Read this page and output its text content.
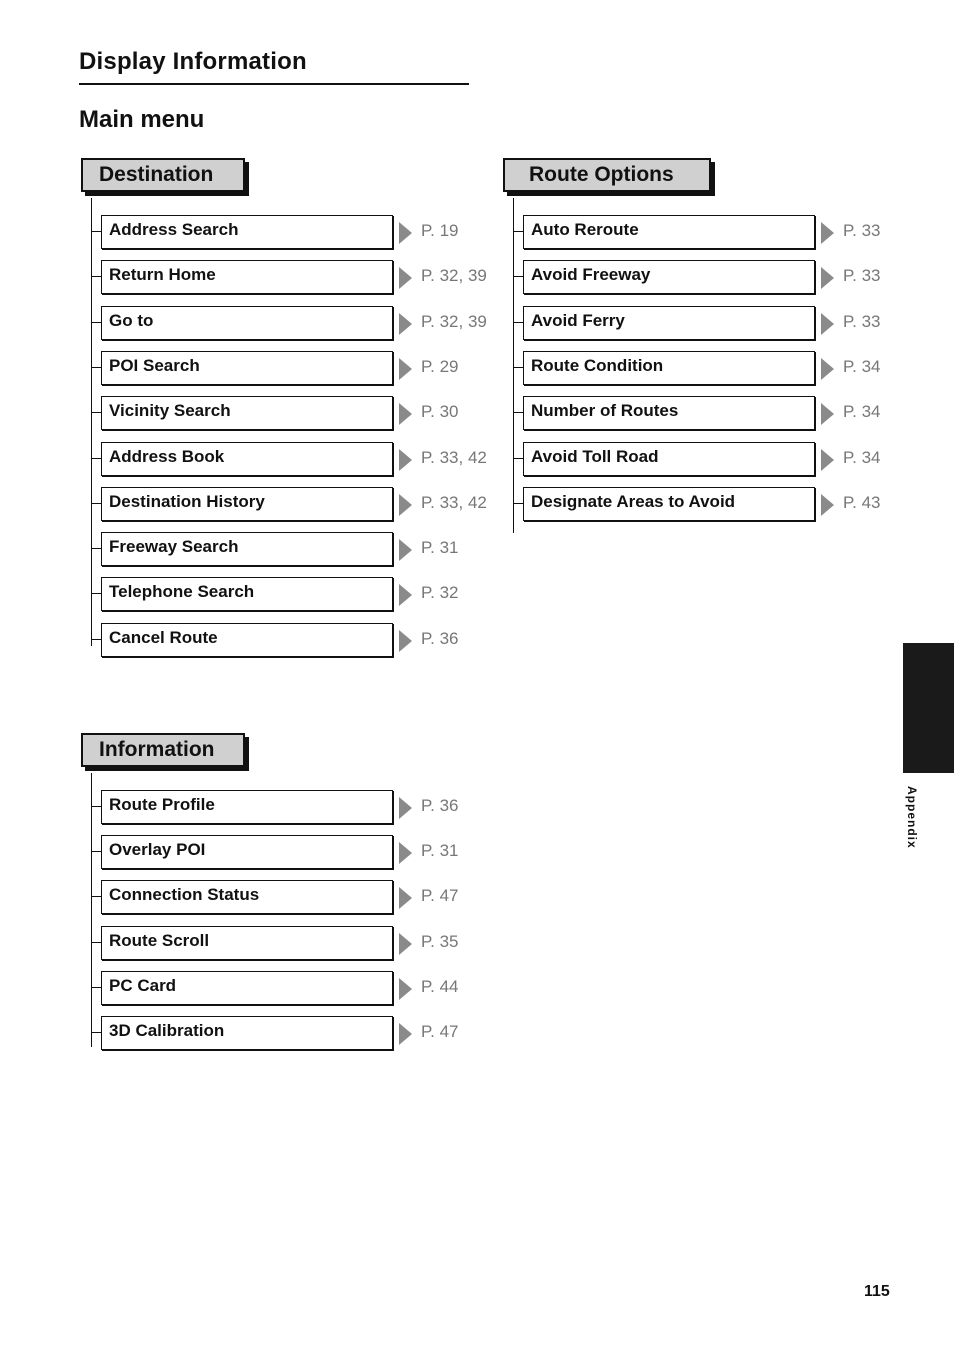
Display Information
Main menu
Destination
Address Search	P. 19
Return Home	P. 32, 39
Go to	P. 32, 39
POI Search	P. 29
Vicinity Search	P. 30
Address Book	P. 33, 42
Destination History	P. 33, 42
Freeway Search	P. 31
Telephone Search	P. 32
Cancel Route	P. 36
Route Options
Auto Reroute	P. 33
Avoid Freeway	P. 33
Avoid Ferry	P. 33
Route Condition	P. 34
Number of Routes	P. 34
Avoid Toll Road	P. 34
Designate Areas to Avoid	P. 43
Information
Route Profile	P. 36
Overlay POI	P. 31
Connection Status	P. 47
Route Scroll	P. 35
PC Card	P. 44
3D Calibration	P. 47
Appendix
115
